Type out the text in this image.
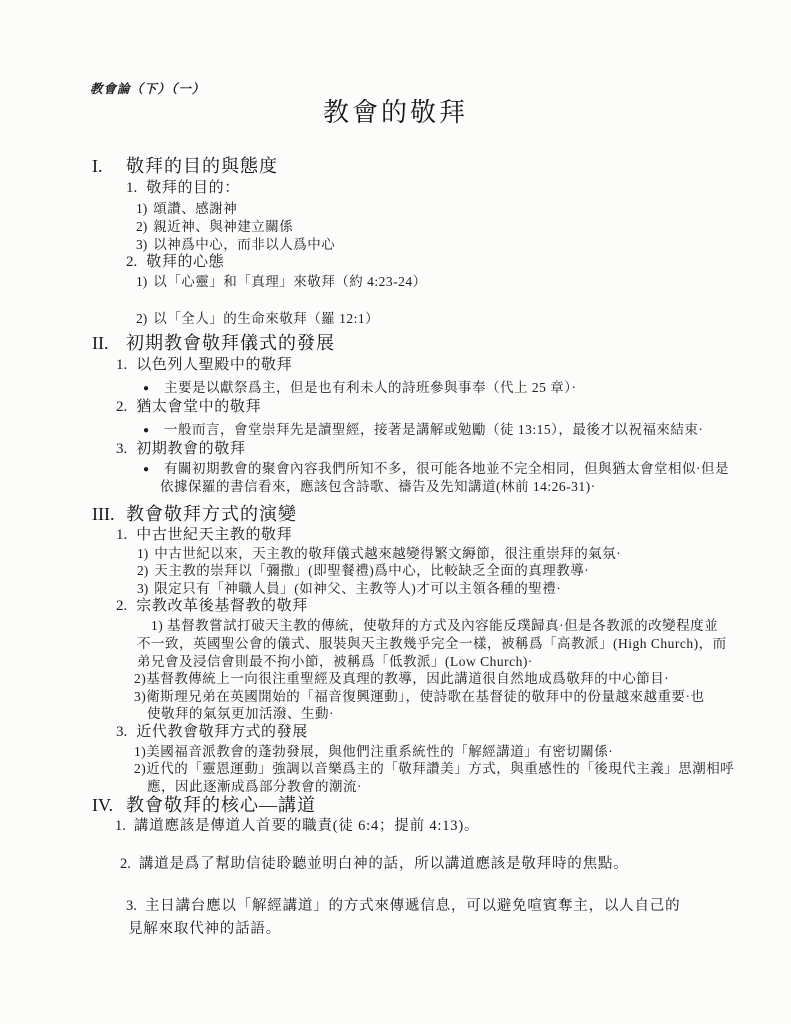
教會論（下）（一）
教會的敬拜
I. 敬拜的目的與態度
1. 敬拜的目的：
1) 頌讚、感謝神
2) 親近神、與神建立關係
3) 以神爲中心，而非以人爲中心
2. 敬拜的心態
1) 以「心靈」和「真理」來敬拜（約 4:23-24）
2) 以「全人」的生命來敬拜（羅 12:1）
II. 初期教會敬拜儀式的發展
1. 以色列人聖殿中的敬拜
● 主要是以獻祭爲主，但是也有利未人的詩班參與事奉（代上 25 章）·
2. 猶太會堂中的敬拜
● 一般而言，會堂崇拜先是讀聖經，接著是講解或勉勵（徒 13:15），最後才以祝福來結束·
3. 初期教會的敬拜
● 有關初期教會的聚會內容我們所知不多，很可能各地並不完全相同，但與猶太會堂相似·但是
依據保羅的書信看來，應該包含詩歌、禱告及先知講道(林前 14:26-31)·
III. 教會敬拜方式的演變
1. 中古世紀天主教的敬拜
1) 中古世紀以來，天主教的敬拜儀式越來越變得繁文縟節，很注重崇拜的氣氛·
2) 天主教的崇拜以「彌撒」(即聖餐禮)爲中心，比較缺乏全面的真理教導·
3) 限定只有「神職人員」(如神父、主教等人)才可以主領各種的聖禮·
2. 宗教改革後基督教的敬拜
1) 基督教嘗試打破天主教的傳統，使敬拜的方式及內容能反璞歸真·但是各教派的改變程度並
不一致，英國聖公會的儀式、服裝與天主教幾乎完全一樣，被稱爲「高教派」(High Church)，而
弟兄會及浸信會則最不拘小節，被稱爲「低教派」(Low Church)·
2)基督教傳統上一向很注重聖經及真理的教導，因此講道很自然地成爲敬拜的中心節目·
3)衛斯理兄弟在英國開始的「福音復興運動」，使詩歌在基督徒的敬拜中的份量越來越重要·也
使敬拜的氣氛更加活潑、生動·
3. 近代教會敬拜方式的發展
1)美國福音派教會的蓬勃發展，與他們注重系統性的「解經講道」有密切關係·
2)近代的「靈恩運動」強調以音樂爲主的「敬拜讚美」方式，與重感性的「後現代主義」思潮相呼
應，因此逐漸成爲部分教會的潮流·
IV. 教會敬拜的核心—講道
1. 講道應該是傳道人首要的職責(徒 6:4；提前 4:13)。
2. 講道是爲了幫助信徒聆聽並明白神的話，所以講道應該是敬拜時的焦點。
3. 主日講台應以「解經講道」的方式來傳遞信息，可以避免喧賓奪主，以人自己的
見解來取代神的話語。
